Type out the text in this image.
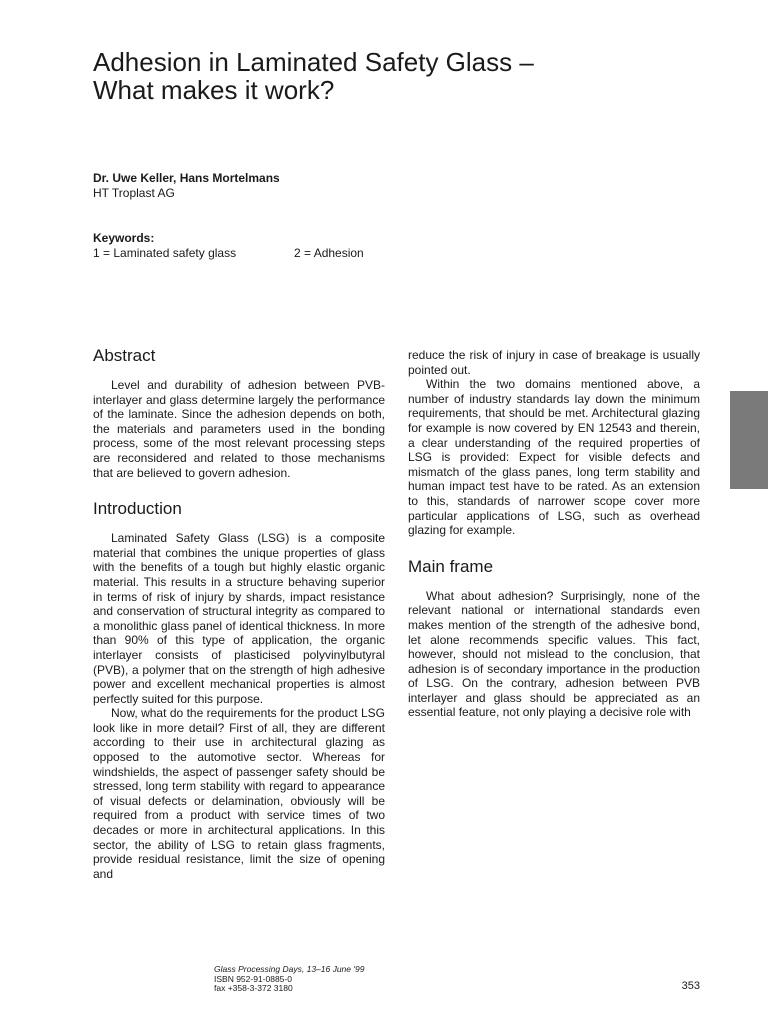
Adhesion in Laminated Safety Glass –
What makes it work?
Dr. Uwe Keller, Hans Mortelmans
HT Troplast AG
Keywords:
1 = Laminated safety glass	2 = Adhesion
Abstract

Level and durability of adhesion between PVB-interlayer and glass determine largely the performance of the laminate. Since the adhesion depends on both, the materials and parameters used in the bonding process, some of the most relevant processing steps are reconsidered and related to those mechanisms that are believed to govern adhesion.

Introduction

Laminated Safety Glass (LSG) is a composite material that combines the unique properties of glass with the benefits of a tough but highly elastic organic material. This results in a structure behaving superior in terms of risk of injury by shards, impact resistance and conservation of structural integrity as compared to a monolithic glass panel of identical thickness. In more than 90% of this type of application, the organic interlayer consists of plasticised polyvinylbutyral (PVB), a polymer that on the strength of high adhesive power and excellent mechanical properties is almost perfectly suited for this purpose.

Now, what do the requirements for the product LSG look like in more detail? First of all, they are different according to their use in architectural glazing as opposed to the automotive sector. Whereas for windshields, the aspect of passenger safety should be stressed, long term stability with regard to appearance of visual defects or delamination, obviously will be required from a product with service times of two decades or more in architectural applications. In this sector, the ability of LSG to retain glass fragments, provide residual resistance, limit the size of opening and

reduce the risk of injury in case of breakage is usually pointed out.

Within the two domains mentioned above, a number of industry standards lay down the minimum requirements, that should be met. Architectural glazing for example is now covered by EN 12543 and therein, a clear understanding of the required properties of LSG is provided: Expect for visible defects and mismatch of the glass panes, long term stability and human impact test have to be rated. As an extension to this, standards of narrower scope cover more particular applications of LSG, such as overhead glazing for example.

Main frame

What about adhesion? Surprisingly, none of the relevant national or international standards even makes mention of the strength of the adhesive bond, let alone recommends specific values. This fact, however, should not mislead to the conclusion, that adhesion is of secondary importance in the production of LSG. On the contrary, adhesion between PVB interlayer and glass should be appreciated as an essential feature, not only playing a decisive role with

Glass Processing Days, 13–16 June '99
ISBN 952-91-0885-0
fax +358-3-372 3180	353
